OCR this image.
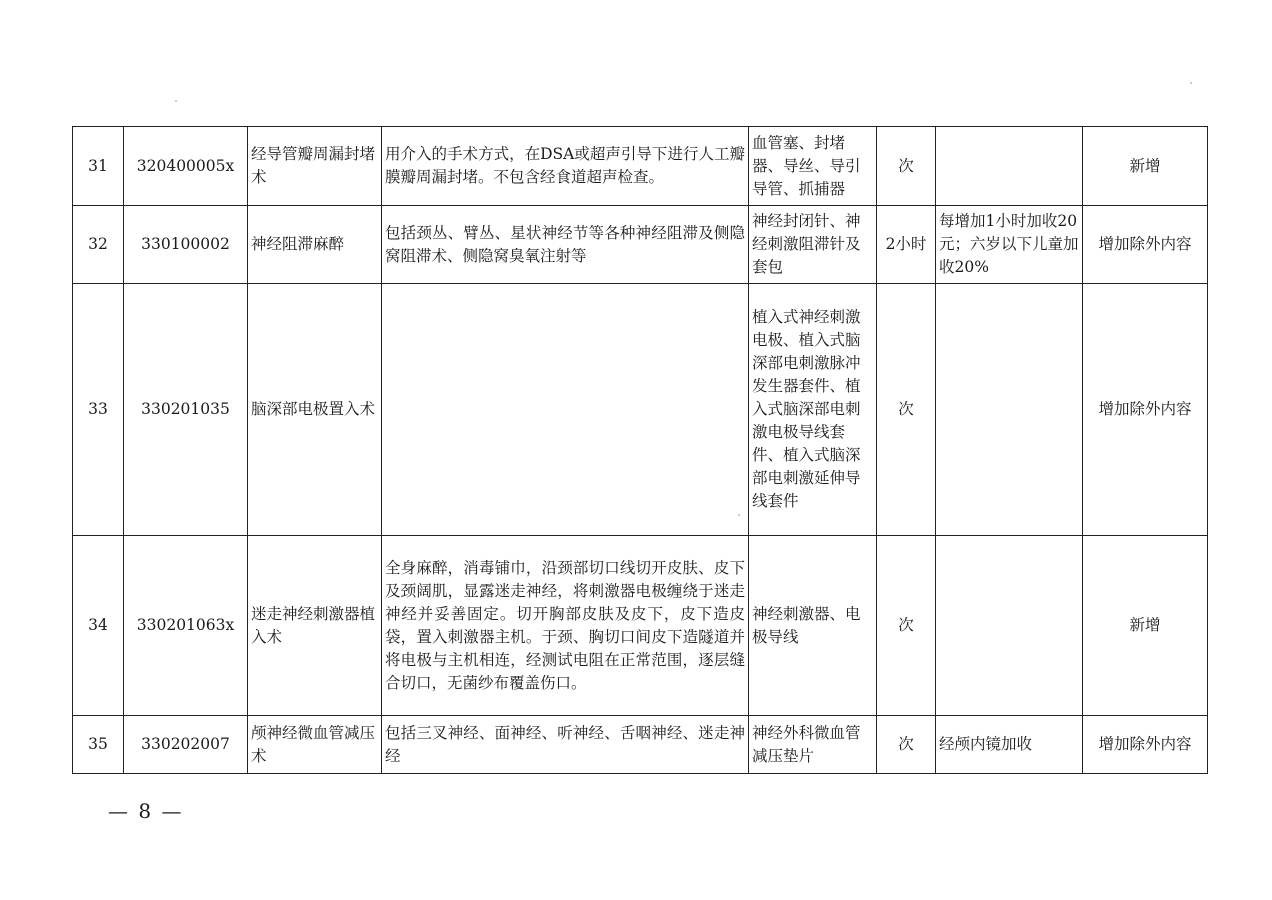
31	320400005x	经导管瓣周漏封堵术	用介入的手术方式，在DSA或超声引导下进行人工瓣膜瓣周漏封堵。不包含经食道超声检查。	血管塞、封堵器、导丝、导引导管、抓捕器	次		新增
32	330100002	神经阻滞麻醉	包括颈丛、臂丛、星状神经节等各种神经阻滞及侧隐窝阻滞术、侧隐窝臭氧注射等	神经封闭针、神经刺激阻滞针及套包	2小时	每增加1小时加收20元；六岁以下儿童加收20%	增加除外内容
33	330201035	脑深部电极置入术		植入式神经刺激电极、植入式脑深部电刺激脉冲发生器套件、植入式脑深部电刺激电极导线套件、植入式脑深部电刺激延伸导线套件	次		增加除外内容
34	330201063x	迷走神经刺激器植入术	全身麻醉，消毒铺巾，沿颈部切口线切开皮肤、皮下及颈阔肌，显露迷走神经，将刺激器电极缠绕于迷走神经并妥善固定。切开胸部皮肤及皮下，皮下造皮袋，置入刺激器主机。于颈、胸切口间皮下造隧道并将电极与主机相连，经测试电阻在正常范围，逐层缝合切口，无菌纱布覆盖伤口。	神经刺激器、电极导线	次		新增
35	330202007	颅神经微血管减压术	包括三叉神经、面神经、听神经、舌咽神经、迷走神经	神经外科微血管减压垫片	次	经颅内镜加收	增加除外内容
— 8 —
